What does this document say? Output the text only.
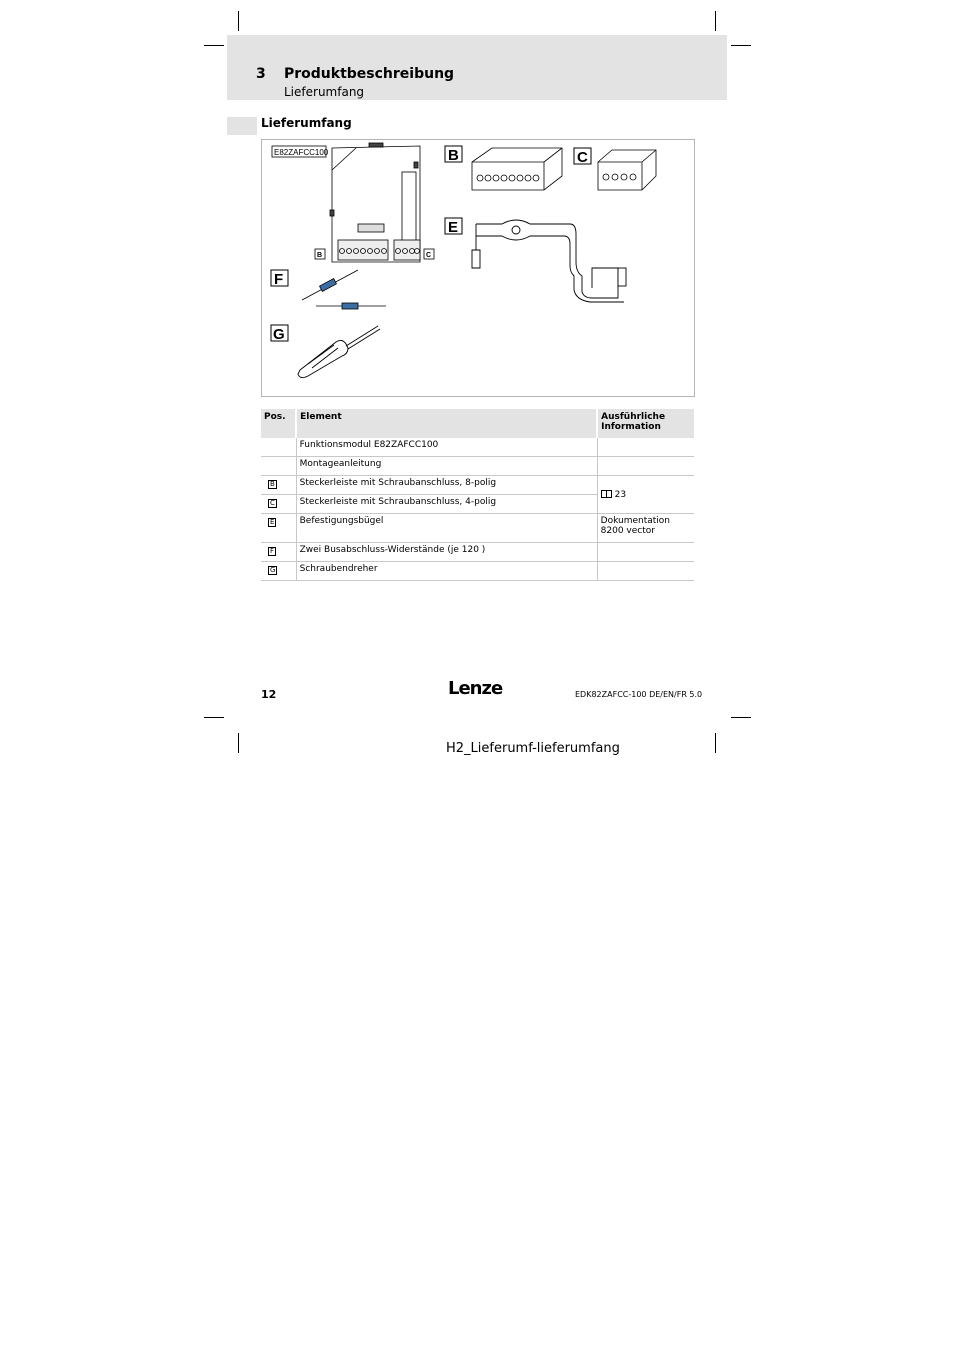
3 Produktbeschreibung
Lieferumfang
Lieferumfang
E82ZAFCC100
B	C
B	C
E
F
G
Pos.	Element	Ausführliche Information
	Funktionsmodul E82ZAFCC100	
	Montageanleitung	
B	Steckerleiste mit Schraubanschluss, 8-polig	23
C	Steckerleiste mit Schraubanschluss, 4-polig	
E	Befestigungsbügel	Dokumentation 8200 vector
F	Zwei Busabschluss-Widerstände (je 120 )	
G	Schraubendreher	
12	Lenze	EDK82ZAFCC-100 DE/EN/FR 5.0
H2_Lieferumf-lieferumfang
